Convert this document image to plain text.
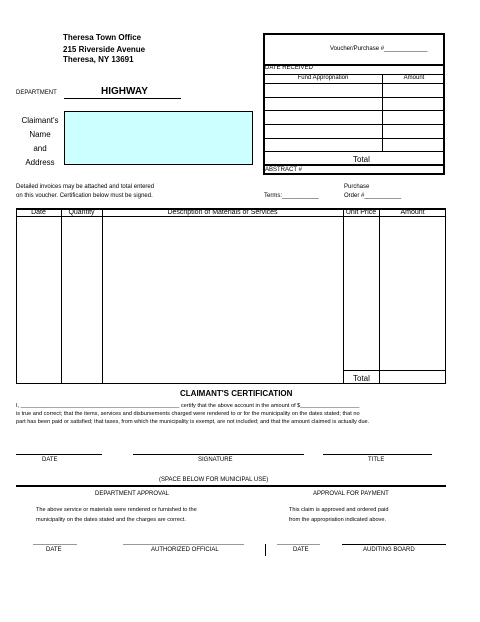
Theresa Town Office
215 Riverside Avenue
Theresa, NY 13691
Voucher/Purchase #_____________
DATE RECEIVED
Fund Appropriation	Amount
Total
ABSTRACT #
DEPARTMENT	HIGHWAY
Claimant's
Name
and
Address
Detailed invoices may be attached and total entered
on this voucher. Certification below must be signed.	Terms:___________
Purchase
Order #___________
Date	Quantity	Description of Materials or Services	Unit Price	Amount
Total
CLAIMANT'S CERTIFICATION
I, ___________________________________________________ certify that the above account in the amount of $___________________
is true and correct; that the items, services and disbursements charged were rendered to or for the municipality on the dates stated; that no
part has been paid or satisfied; that taxes, from which the municipality is exempt, are not included; and that the amount claimed is actually due.
DATE	SIGNATURE	TITLE
(SPACE BELOW FOR MUNICIPAL USE)
DEPARTMENT APPROVAL	APPROVAL FOR PAYMENT
The above service or materials were rendered or furnished to the
municipality on the dates stated and the charges are correct.
This claim is approved and ordered paid
from the appropriation indicated above.
DATE	AUTHORIZED OFFICIAL	DATE	AUDITING BOARD
